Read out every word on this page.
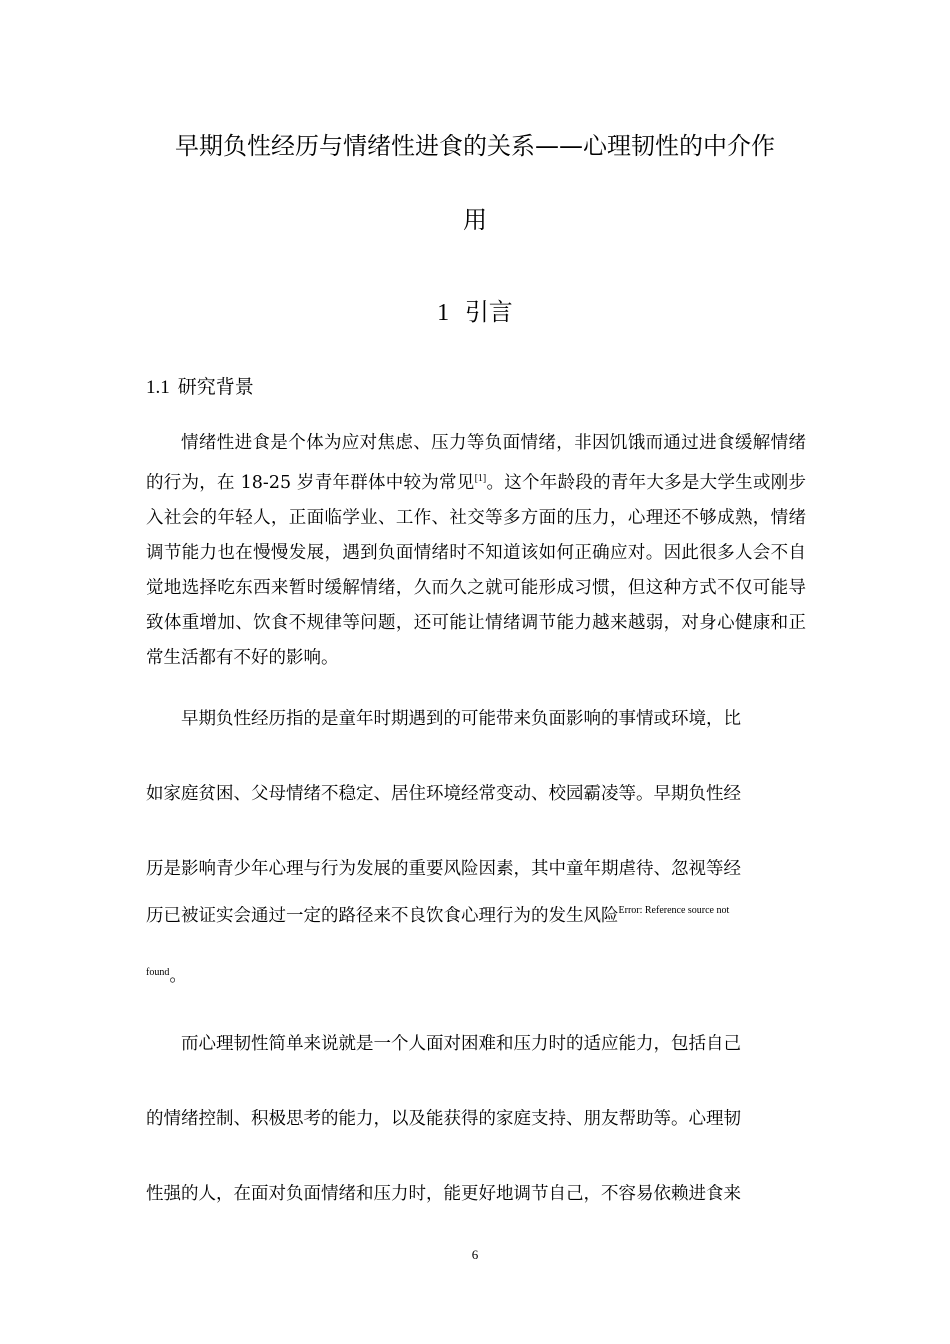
早期负性经历与情绪性进食的关系——心理韧性的中介作
用
1 引言
1.1 研究背景
情绪性进食是个体为应对焦虑、压力等负面情绪，非因饥饿而通过进食缓解情绪的行为，在 18-25 岁青年群体中较为常见[1]。这个年龄段的青年大多是大学生或刚步入社会的年轻人，正面临学业、工作、社交等多方面的压力，心理还不够成熟，情绪调节能力也在慢慢发展，遇到负面情绪时不知道该如何正确应对。因此很多人会不自觉地选择吃东西来暂时缓解情绪，久而久之就可能形成习惯，但这种方式不仅可能导致体重增加、饮食不规律等问题，还可能让情绪调节能力越来越弱，对身心健康和正常生活都有不好的影响。
早期负性经历指的是童年时期遇到的可能带来负面影响的事情或环境，比
如家庭贫困、父母情绪不稳定、居住环境经常变动、校园霸凌等。早期负性经
历是影响青少年心理与行为发展的重要风险因素，其中童年期虐待、忽视等经
历已被证实会通过一定的路径来不良饮食心理行为的发生风险$^{Error: Reference source not}$
$^{found}$。
而心理韧性简单来说就是一个人面对困难和压力时的适应能力，包括自己
的情绪控制、积极思考的能力，以及能获得的家庭支持、朋友帮助等。心理韧
性强的人，在面对负面情绪和压力时，能更好地调节自己，不容易依赖进食来
6
